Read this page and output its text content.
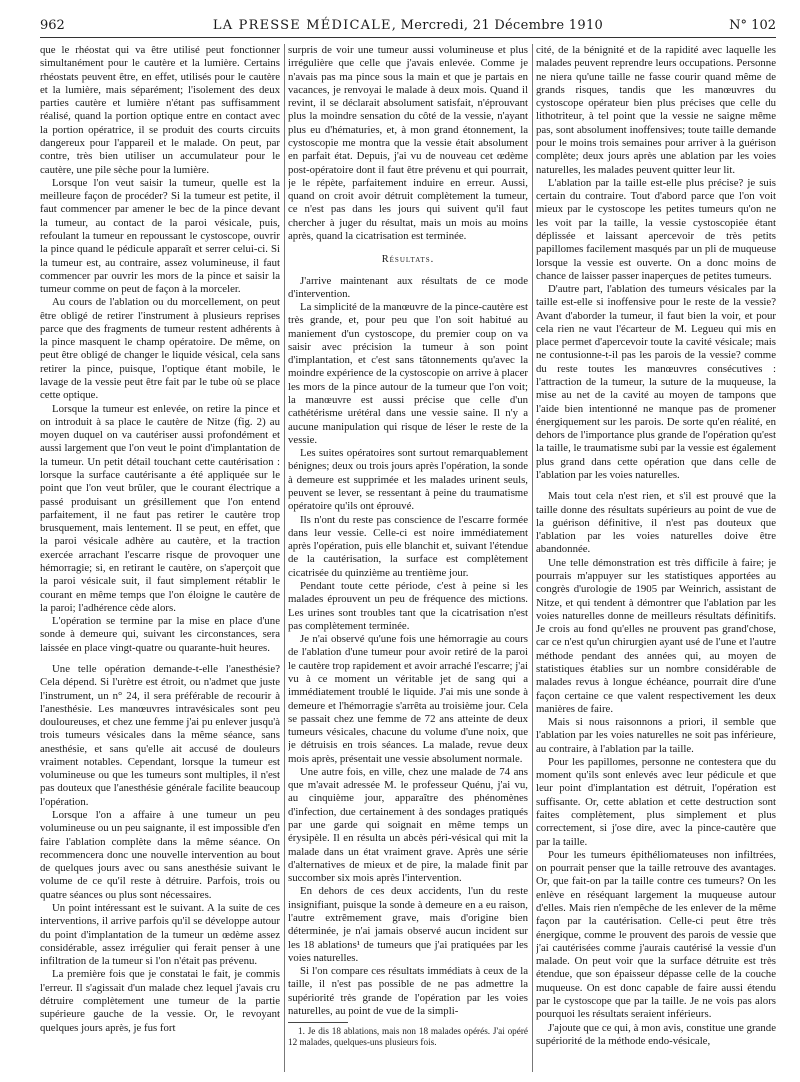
962	LA PRESSE MÉDICALE, Mercredi, 21 Décembre 1910	N° 102

que le rhéostat qui va être utilisé peut fonctionner simultanément pour le cautère et la lumière. Certains rhéostats peuvent être, en effet, utilisés pour le cautère et la lumière, mais séparément; l'isolement des deux parties cautère et lumière n'étant pas suffisamment réalisé, quand la portion optique entre en contact avec la portion opératrice, il se produit des courts circuits dangereux pour l'appareil et le malade. On peut, par contre, très bien utiliser un accumulateur pour le cautère, une pile sèche pour la lumière.

Lorsque l'on veut saisir la tumeur, quelle est la meilleure façon de procéder? Si la tumeur est petite, il faut commencer par amener le bec de la pince devant la tumeur, au contact de la paroi vésicale, puis, refoulant la tumeur en repoussant le cystoscope, ouvrir la pince quand le pédicule apparaît et serrer celui-ci. Si la tumeur est, au contraire, assez volumineuse, il faut commencer par ouvrir les mors de la pince et saisir la tumeur comme on peut de façon à la morceler.

Au cours de l'ablation ou du morcellement, on peut être obligé de retirer l'instrument à plusieurs reprises parce que des fragments de tumeur restent adhérents à la pince masquent le champ opératoire. De même, on peut être obligé de changer le liquide vésical, cela sans retirer la pince, puisque, l'optique étant mobile, le lavage de la vessie peut être fait par le tube où se place cette optique.

Lorsque la tumeur est enlevée, on retire la pince et on introduit à sa place le cautère de Nitze (fig. 2) au moyen duquel on va cautériser aussi profondément et aussi largement que l'on veut le point d'implantation de la tumeur. Un petit détail touchant cette cautérisation : lorsque la surface cautérisante a été appliquée sur le point que l'on veut brûler, que le courant électrique a passé produisant un grésillement que l'on entend parfaitement, il ne faut pas retirer le cautère trop brusquement, mais lentement. Il se peut, en effet, que la paroi vésicale adhère au cautère, et la traction exercée arrachant l'escarre risque de provoquer une hémorragie; si, en retirant le cautère, on s'aperçoit que la paroi vésicale suit, il faut simplement rétablir le courant en même temps que l'on éloigne le cautère de la paroi; l'adhérence cède alors.

L'opération se termine par la mise en place d'une sonde à demeure qui, suivant les circonstances, sera laissée en place vingt-quatre ou quarante-huit heures.

Une telle opération demande-t-elle l'anesthésie? Cela dépend. Si l'urètre est étroit, ou n'admet que juste l'instrument, un n° 24, il sera préférable de recourir à l'anesthésie. Les manœuvres intravésicales sont peu douloureuses, et chez une femme j'ai pu enlever jusqu'à trois tumeurs vésicales dans la même séance, sans anesthésie, et sans qu'elle ait accusé de douleurs vraiment notables. Cependant, lorsque la tumeur est volumineuse ou que les tumeurs sont multiples, il n'est pas douteux que l'anesthésie générale facilite beaucoup l'opération.

Lorsque l'on a affaire à une tumeur un peu volumineuse ou un peu saignante, il est impossible d'en faire l'ablation complète dans la même séance. On recommencera donc une nouvelle intervention au bout de quelques jours avec ou sans anesthésie suivant le volume de ce qu'il reste à détruire. Parfois, trois ou quatre séances ou plus sont nécessaires.

Un point intéressant est le suivant. A la suite de ces interventions, il arrive parfois qu'il se développe autour du point d'implantation de la tumeur un œdème assez considérable, assez irrégulier qui ferait penser à une infiltration de la tumeur si l'on n'était pas prévenu.

La première fois que je constatai le fait, je commis l'erreur. Il s'agissait d'un malade chez lequel j'avais cru détruire complètement une tumeur de la partie supérieure gauche de la vessie. Or, le revoyant quelques jours après, je fus fort

surpris de voir une tumeur aussi volumineuse et plus irrégulière que celle que j'avais enlevée. Comme je n'avais pas ma pince sous la main et que je partais en vacances, je renvoyai le malade à deux mois. Quand il revint, il se déclarait absolument satisfait, n'éprouvant plus la moindre sensation du côté de la vessie, n'ayant plus eu d'hématuries, et, à mon grand étonnement, la cystoscopie me montra que la vessie était absolument en parfait état. Depuis, j'ai vu de nouveau cet œdème post-opératoire dont il faut être prévenu et qui pourrait, je le répète, parfaitement induire en erreur. Aussi, quand on croit avoir détruit complètement la tumeur, ce n'est pas dans les jours qui suivent qu'il faut chercher à juger du résultat, mais un mois au moins après, quand la cicatrisation est terminée.

Résultats.

J'arrive maintenant aux résultats de ce mode d'intervention.

La simplicité de la manœuvre de la pince-cautère est très grande, et, pour peu que l'on soit habitué au maniement d'un cystoscope, du premier coup on va saisir avec précision la tumeur à son point d'implantation, et c'est sans tâtonnements qu'avec la moindre expérience de la cystoscopie on arrive à placer les mors de la pince autour de la tumeur que l'on voit; la manœuvre est aussi précise que celle d'un cathétérisme urétéral dans une vessie saine. Il n'y a aucune manipulation qui risque de léser le reste de la vessie.

Les suites opératoires sont surtout remarquablement bénignes; deux ou trois jours après l'opération, la sonde à demeure est supprimée et les malades urinent seuls, peuvent se lever, se ressentant à peine du traumatisme opératoire qu'ils ont éprouvé.

Ils n'ont du reste pas conscience de l'escarre formée dans leur vessie. Celle-ci est noire immédiatement après l'opération, puis elle blanchit et, suivant l'étendue de la cautérisation, la surface est complètement cicatrisée du quinzième au trentième jour.

Pendant toute cette période, c'est à peine si les malades éprouvent un peu de fréquence des mictions. Les urines sont troubles tant que la cicatrisation n'est pas complètement terminée.

Je n'ai observé qu'une fois une hémorragie au cours de l'ablation d'une tumeur pour avoir retiré de la paroi le cautère trop rapidement et avoir arraché l'escarre; j'ai vu à ce moment un véritable jet de sang qui a immédiatement troublé le liquide. J'ai mis une sonde à demeure et l'hémorragie s'arrêta au troisième jour. Cela se passait chez une femme de 72 ans atteinte de deux tumeurs vésicales, chacune du volume d'une noix, que je détruisis en trois séances. La malade, revue deux mois après, présentait une vessie absolument normale.

Une autre fois, en ville, chez une malade de 74 ans que m'avait adressée M. le professeur Quénu, j'ai vu, au cinquième jour, apparaître des phénomènes d'infection, due certainement à des sondages pratiqués par une garde qui soignait en même temps un érysipèle. Il en résulta un abcès péri-vésical qui mit la malade dans un état vraiment grave. Après une série d'alternatives de mieux et de pire, la malade finit par succomber six mois après l'intervention.

En dehors de ces deux accidents, l'un du reste insignifiant, puisque la sonde à demeure en a eu raison, l'autre extrêmement grave, mais d'origine bien déterminée, je n'ai jamais observé aucun incident sur les 18 ablations¹ de tumeurs que j'ai pratiquées par les voies naturelles.

Si l'on compare ces résultats immédiats à ceux de la taille, il n'est pas possible de ne pas admettre la supériorité très grande de l'opération par les voies naturelles, au point de vue de la simpli-

1. Je dis 18 ablations, mais non 18 malades opérés. J'ai opéré 12 malades, quelques-uns plusieurs fois.

cité, de la bénignité et de la rapidité avec laquelle les malades peuvent reprendre leurs occupations. Personne ne niera qu'une taille ne fasse courir quand même de grands risques, tandis que les manœuvres du cystoscope opérateur bien plus précises que celle du lithotriteur, à tel point que la vessie ne saigne même pas, sont absolument inoffensives; toute taille demande pour le moins trois semaines pour arriver à la guérison complète; deux jours après une ablation par les voies naturelles, les malades peuvent quitter leur lit.

L'ablation par la taille est-elle plus précise? je suis certain du contraire. Tout d'abord parce que l'on voit mieux par le cystoscope les petites tumeurs qu'on ne les voit par la taille, la vessie cystoscopiée étant déplissée et laissant apercevoir de très petits papillomes facilement masqués par un pli de muqueuse lorsque la vessie est ouverte. On a donc moins de chance de laisser passer inaperçues de petites tumeurs.

D'autre part, l'ablation des tumeurs vésicales par la taille est-elle si inoffensive pour le reste de la vessie? Avant d'aborder la tumeur, il faut bien la voir, et pour cela rien ne vaut l'écarteur de M. Legueu qui mis en place permet d'apercevoir toute la cavité vésicale; mais ne contusionne-t-il pas les parois de la vessie? comme du reste toutes les manœuvres consécutives : l'attraction de la tumeur, la suture de la muqueuse, la mise au net de la cavité au moyen de tampons que l'aide bien intentionné ne manque pas de promener énergiquement sur les parois. De sorte qu'en réalité, en dehors de l'importance plus grande de l'opération qu'est la taille, le traumatisme subi par la vessie est également plus grand dans cette opération que dans celle de l'ablation par les voies naturelles.

Mais tout cela n'est rien, et s'il est prouvé que la taille donne des résultats supérieurs au point de vue de la guérison définitive, il n'est pas douteux que l'ablation par les voies naturelles doive être abandonnée.

Une telle démonstration est très difficile à faire; je pourrais m'appuyer sur les statistiques apportées au congrès d'urologie de 1905 par Weinrich, assistant de Nitze, et qui tendent à démontrer que l'ablation par les voies naturelles donne de meilleurs résultats définitifs. Je crois au fond qu'elles ne prouvent pas grand'chose, car ce n'est qu'un chirurgien ayant usé de l'une et l'autre méthode pendant des années qui, au moyen de statistiques établies sur un nombre considérable de malades revus à longue échéance, pourrait dire d'une façon certaine ce que valent respectivement les deux manières de faire.

Mais si nous raisonnons a priori, il semble que l'ablation par les voies naturelles ne soit pas inférieure, au contraire, à l'ablation par la taille.

Pour les papillomes, personne ne contestera que du moment qu'ils sont enlevés avec leur pédicule et que leur point d'implantation est détruit, l'opération est suffisante. Or, cette ablation et cette destruction sont faites complètement, plus simplement et plus correctement, si j'ose dire, avec la pince-cautère que par la taille.

Pour les tumeurs épithéliomateuses non infiltrées, on pourrait penser que la taille retrouve des avantages. Or, que fait-on par la taille contre ces tumeurs? On les enlève en réséquant largement la muqueuse autour d'elles. Mais rien n'empêche de les enlever de la même façon par la cautérisation. Celle-ci peut être très énergique, comme le prouvent des parois de vessie que j'ai cautérisées comme j'aurais cautérisé la vessie d'un malade. On peut voir que la surface détruite est très étendue, que son épaisseur dépasse celle de la couche muqueuse. On est donc capable de faire aussi étendu par le cystoscope que par la taille. Je ne vois pas alors pourquoi les résultats seraient inférieurs.

J'ajoute que ce qui, à mon avis, constitue une grande supériorité de la méthode endo-vésicale,
